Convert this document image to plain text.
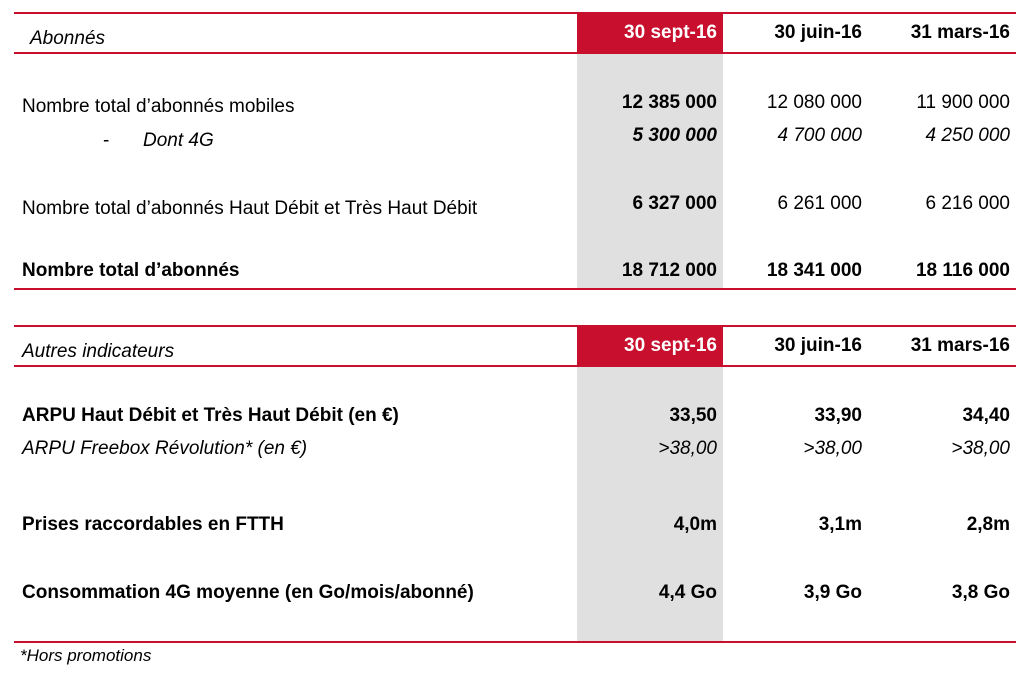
Abonnés	30 sept-16	30 juin-16	31 mars-16
Nombre total d’abonnés mobiles	12 385 000	12 080 000	11 900 000
- Dont 4G	5 300 000	4 700 000	4 250 000
Nombre total d’abonnés Haut Débit et Très Haut Débit	6 327 000	6 261 000	6 216 000
Nombre total d’abonnés	18 712 000	18 341 000	18 116 000
Autres indicateurs	30 sept-16	30 juin-16	31 mars-16
ARPU Haut Débit et Très Haut Débit (en €)	33,50	33,90	34,40
ARPU Freebox Révolution* (en €)	>38,00	>38,00	>38,00
Prises raccordables en FTTH	4,0m	3,1m	2,8m
Consommation 4G moyenne (en Go/mois/abonné)	4,4 Go	3,9 Go	3,8 Go
*Hors promotions
